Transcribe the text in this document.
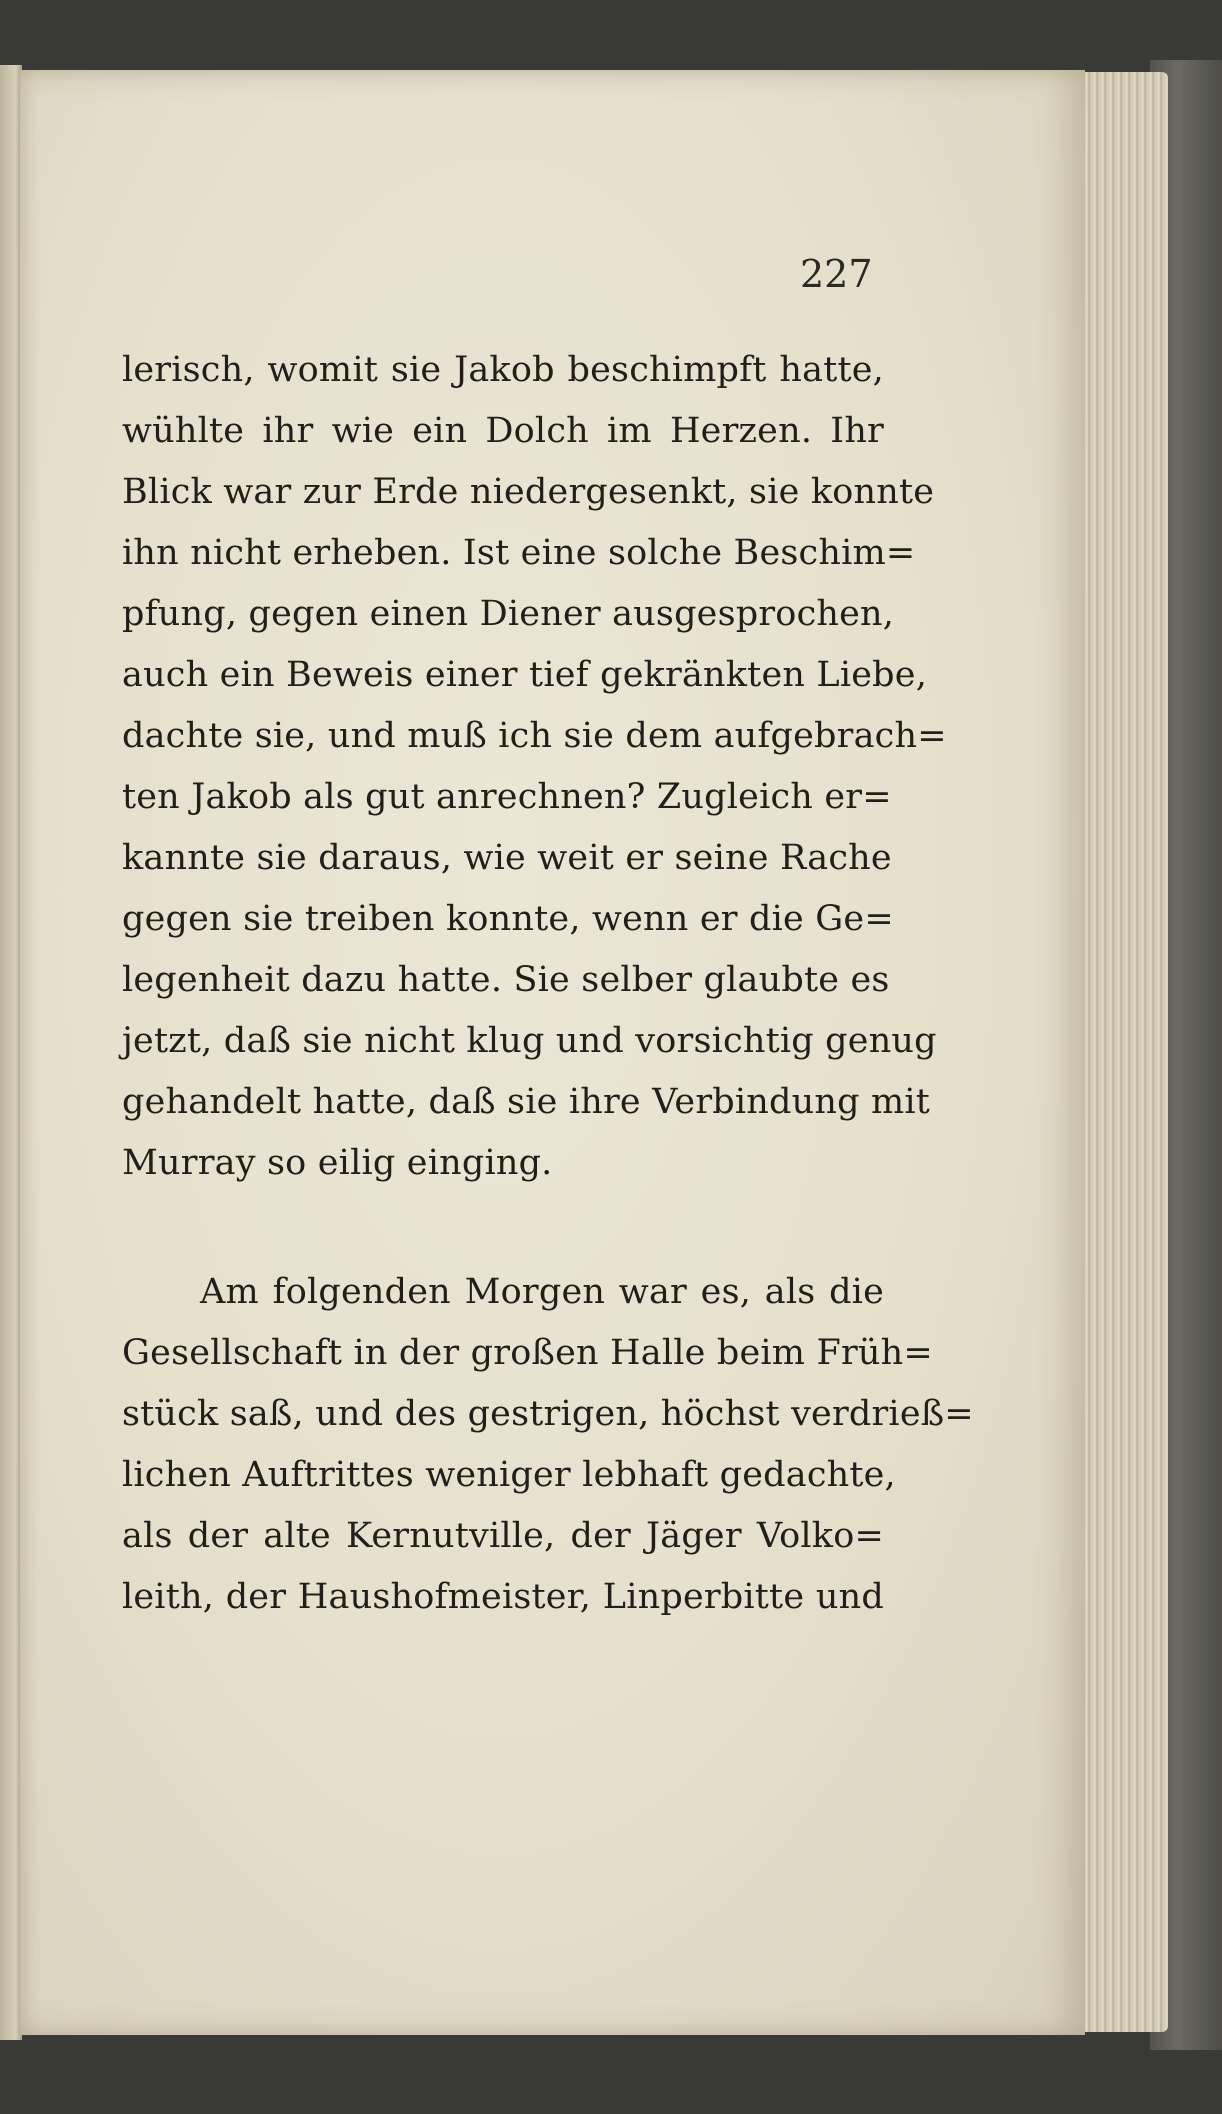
227
lerisch, womit sie Jakob beschimpft hatte,
wühlte ihr wie ein Dolch im Herzen. Ihr
Blick war zur Erde niedergesenkt, sie konnte
ihn nicht erheben. Ist eine solche Beschim=
pfung, gegen einen Diener ausgesprochen,
auch ein Beweis einer tief gekränkten Liebe,
dachte sie, und muß ich sie dem aufgebrach=
ten Jakob als gut anrechnen? Zugleich er=
kannte sie daraus, wie weit er seine Rache
gegen sie treiben konnte, wenn er die Ge=
legenheit dazu hatte. Sie selber glaubte es
jetzt, daß sie nicht klug und vorsichtig genug
gehandelt hatte, daß sie ihre Verbindung mit
Murray so eilig einging.
Am folgenden Morgen war es, als die
Gesellschaft in der großen Halle beim Früh=
stück saß, und des gestrigen, höchst verdrieß=
lichen Auftrittes weniger lebhaft gedachte,
als der alte Kernutville, der Jäger Volko=
leith, der Haushofmeister, Linperbitte und
